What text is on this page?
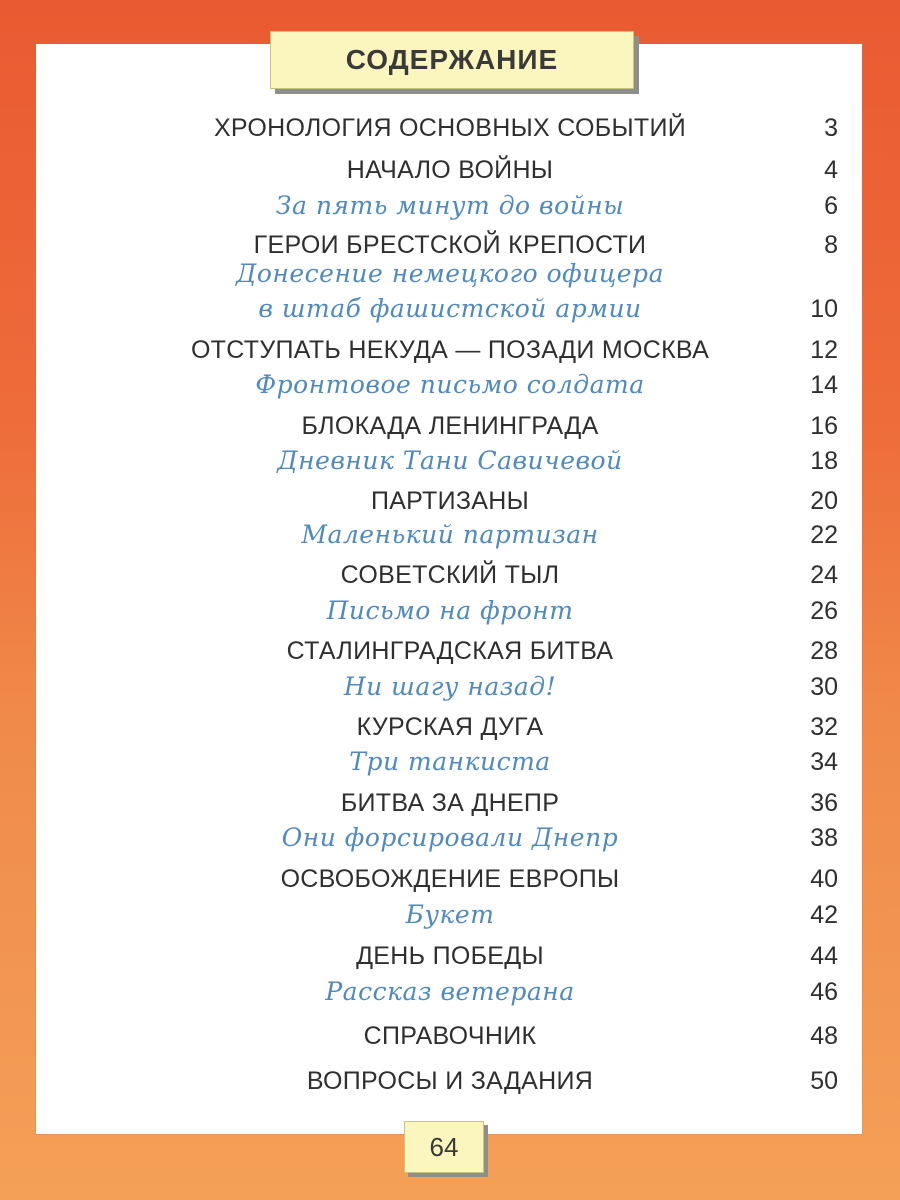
СОДЕРЖАНИЕ
ХРОНОЛОГИЯ ОСНОВНЫХ СОБЫТИЙ	3
НАЧАЛО ВОЙНЫ	4
За пять минут до войны	6
ГЕРОИ БРЕСТСКОЙ КРЕПОСТИ	8
Донесение немецкого офицера
в штаб фашистской армии	10
ОТСТУПАТЬ НЕКУДА — ПОЗАДИ МОСКВА	12
Фронтовое письмо солдата	14
БЛОКАДА ЛЕНИНГРАДА	16
Дневник Тани Савичевой	18
ПАРТИЗАНЫ	20
Маленький партизан	22
СОВЕТСКИЙ ТЫЛ	24
Письмо на фронт	26
СТАЛИНГРАДСКАЯ БИТВА	28
Ни шагу назад!	30
КУРСКАЯ ДУГА	32
Три танкиста	34
БИТВА ЗА ДНЕПР	36
Они форсировали Днепр	38
ОСВОБОЖДЕНИЕ ЕВРОПЫ	40
Букет	42
ДЕНЬ ПОБЕДЫ	44
Рассказ ветерана	46
СПРАВОЧНИК	48
ВОПРОСЫ И ЗАДАНИЯ	50
64
